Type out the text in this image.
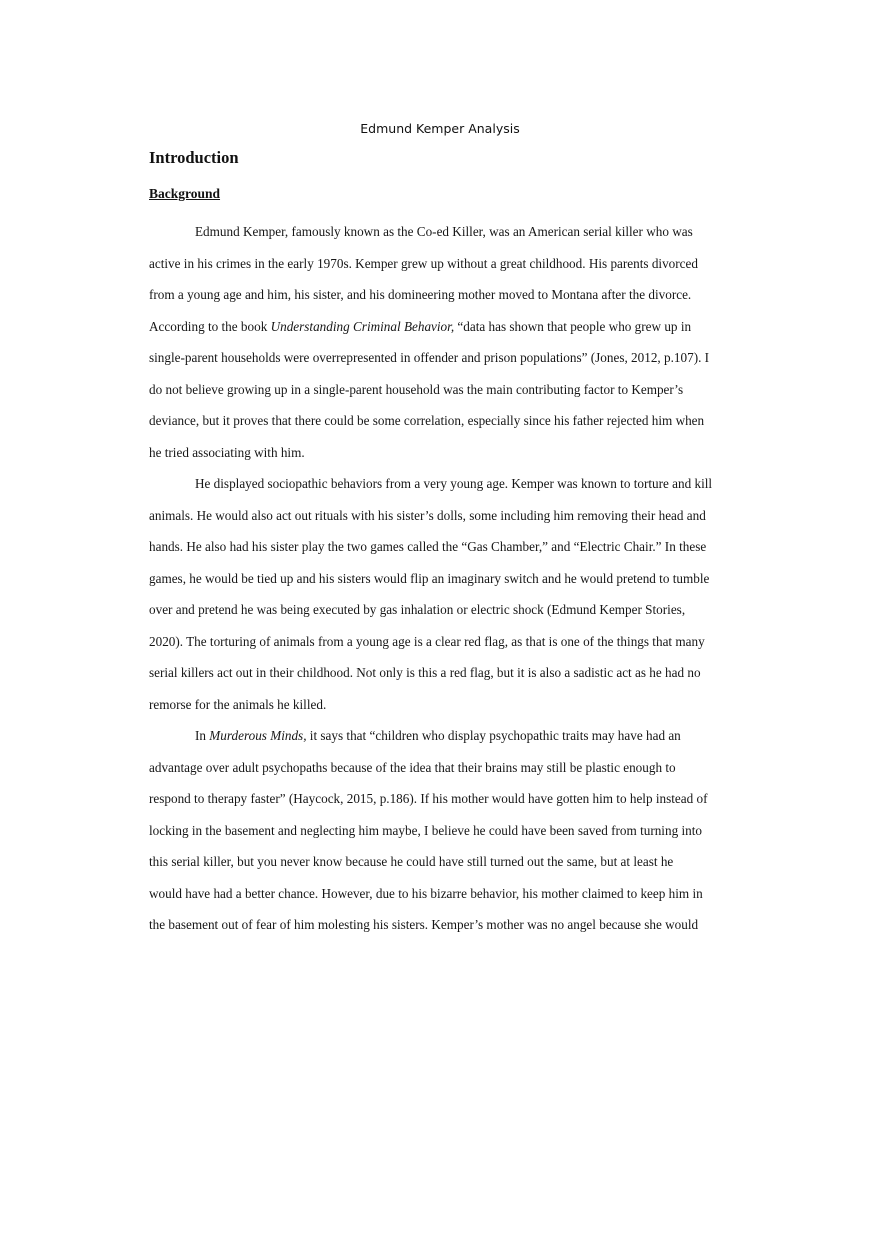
Edmund Kemper Analysis
Introduction
Background
Edmund Kemper, famously known as the Co-ed Killer, was an American serial killer who was
active in his crimes in the early 1970s. Kemper grew up without a great childhood. His parents divorced
from a young age and him, his sister, and his domineering mother moved to Montana after the divorce.
According to the book Understanding Criminal Behavior, “data has shown that people who grew up in
single-parent households were overrepresented in offender and prison populations” (Jones, 2012, p.107). I
do not believe growing up in a single-parent household was the main contributing factor to Kemper’s
deviance, but it proves that there could be some correlation, especially since his father rejected him when
he tried associating with him.
He displayed sociopathic behaviors from a very young age. Kemper was known to torture and kill
animals. He would also act out rituals with his sister’s dolls, some including him removing their head and
hands. He also had his sister play the two games called the “Gas Chamber,” and “Electric Chair.” In these
games, he would be tied up and his sisters would flip an imaginary switch and he would pretend to tumble
over and pretend he was being executed by gas inhalation or electric shock (Edmund Kemper Stories,
2020). The torturing of animals from a young age is a clear red flag, as that is one of the things that many
serial killers act out in their childhood. Not only is this a red flag, but it is also a sadistic act as he had no
remorse for the animals he killed.
In Murderous Minds, it says that “children who display psychopathic traits may have had an
advantage over adult psychopaths because of the idea that their brains may still be plastic enough to
respond to therapy faster” (Haycock, 2015, p.186). If his mother would have gotten him to help instead of
locking in the basement and neglecting him maybe, I believe he could have been saved from turning into
this serial killer, but you never know because he could have still turned out the same, but at least he
would have had a better chance. However, due to his bizarre behavior, his mother claimed to keep him in
the basement out of fear of him molesting his sisters. Kemper’s mother was no angel because she would
